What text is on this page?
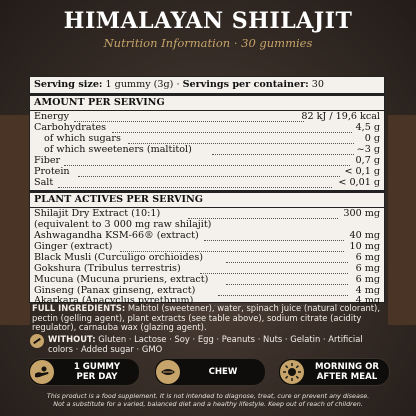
HIMALAYAN SHILAJIT
Nutrition Information · 30 gummies
Serving size: 1 gummy (3g) · Servings per container: 30
AMOUNT PER SERVING
Energy	82 kJ / 19,6 kcal
Carbohydrates	4,5 g
of which sugars	0 g
of which sweeteners (maltitol)	~3 g
Fiber	0,7 g
Protein	< 0,1 g
Salt	< 0,01 g
PLANT ACTIVES PER SERVING
Shilajit Dry Extract (10:1)	300 mg
(equivalent to 3 000 mg raw shilajit)
Ashwagandha KSM-66® (extract)	40 mg
Ginger (extract)	10 mg
Black Musli (Curculigo orchioides)	6 mg
Gokshura (Tribulus terrestris)	6 mg
Mucuna (Mucuna pruriens, extract)	6 mg
Ginseng (Panax ginseng, extract)	4 mg
Akarkara (Anacyclus pyrethrum)	4 mg
FULL INGREDIENTS: Maltitol (sweetener), water, spinach juice (natural colorant), pectin (gelling agent), plant extracts (see table above), sodium citrate (acidity regulator), carnauba wax (glazing agent).
WITHOUT: Gluten · Lactose · Soy · Egg · Peanuts · Nuts · Gelatin · Artificial colors · Added sugar · GMO
1 GUMMY
PER DAY	CHEW	MORNING OR
AFTER MEAL
This product is a food supplement. It is not intended to diagnose, treat, cure or prevent any disease.
Not a substitute for a varied, balanced diet and a healthy lifestyle. Keep out of reach of children.
